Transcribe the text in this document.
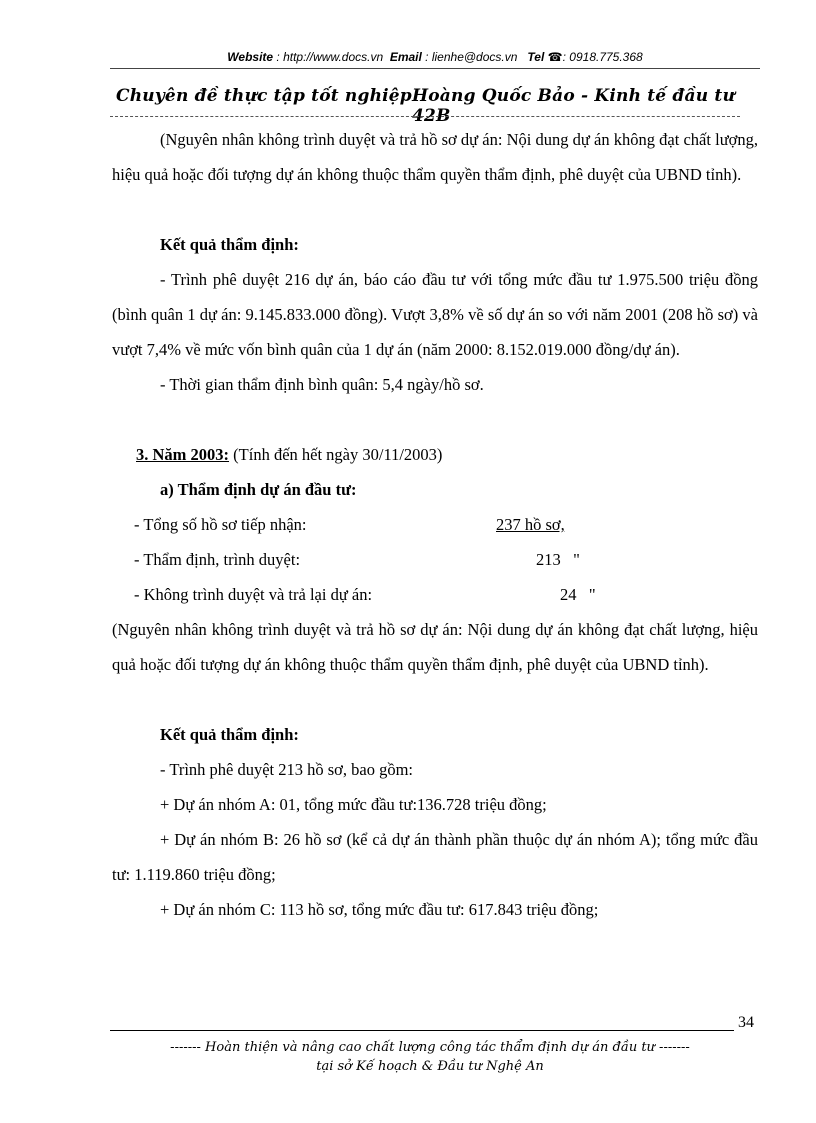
Website : http://www.docs.vn Email : lienhe@docs.vn Tel ☎: 0918.775.368
Chuyên đề thực tập tốt nghiệp Hoàng Quốc Bảo - Kinh tế đầu tư 42B

(Nguyên nhân không trình duyệt và trả hồ sơ dự án: Nội dung dự án không đạt chất lượng, hiệu quả hoặc đối tượng dự án không thuộc thẩm quyền thẩm định, phê duyệt của UBND tỉnh).

Kết quả thẩm định:

- Trình phê duyệt 216 dự án, báo cáo đầu tư với tổng mức đầu tư 1.975.500 triệu đồng (bình quân 1 dự án: 9.145.833.000 đồng). Vượt 3,8% về số dự án so với năm 2001 (208 hồ sơ) và vượt 7,4% về mức vốn bình quân của 1 dự án (năm 2000: 8.152.019.000 đồng/dự án).

- Thời gian thẩm định bình quân: 5,4 ngày/hồ sơ.

3. Năm 2003: (Tính đến hết ngày 30/11/2003)

a) Thẩm định dự án đầu tư:

- Tổng số hồ sơ tiếp nhận:	237 hồ sơ,
- Thẩm định, trình duyệt:	213   "
- Không trình duyệt và trả lại dự án:	24   "

(Nguyên nhân không trình duyệt và trả hồ sơ dự án: Nội dung dự án không đạt chất lượng, hiệu quả hoặc đối tượng dự án không thuộc thẩm quyền thẩm định, phê duyệt của UBND tỉnh).

Kết quả thẩm định:

- Trình phê duyệt 213 hồ sơ, bao gồm:

+ Dự án nhóm A: 01, tổng mức đầu tư:136.728 triệu đồng;

+ Dự án nhóm B: 26 hồ sơ (kể cả dự án thành phần thuộc dự án nhóm A); tổng mức đầu tư: 1.119.860 triệu đồng;

+ Dự án nhóm C: 113 hồ sơ, tổng mức đầu tư: 617.843 triệu đồng;

34
------- Hoàn thiện và nâng cao chất lượng công tác thẩm định dự án đầu tư -------
tại sở Kế hoạch & Đầu tư Nghệ An
